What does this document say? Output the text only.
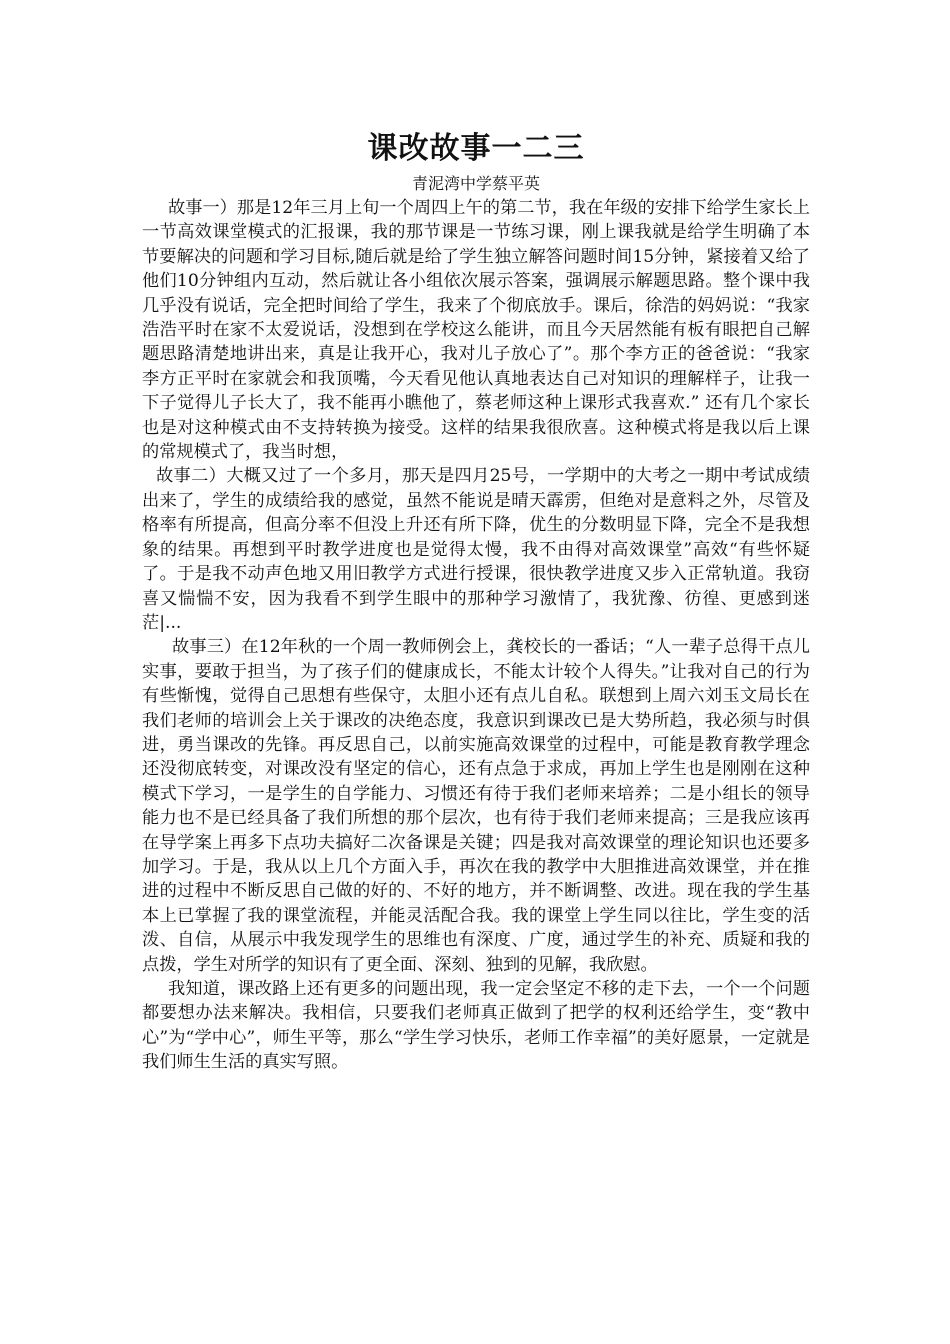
课改故事一二三

青泥湾中学蔡平英

故事一）那是12年三月上旬一个周四上午的第二节，我在年级的安排下给学生家长上一节高效课堂模式的汇报课，我的那节课是一节练习课，刚上课我就是给学生明确了本节要解决的问题和学习目标,随后就是给了学生独立解答问题时间15分钟，紧接着又给了他们10分钟组内互动，然后就让各小组依次展示答案，强调展示解题思路。整个课中我几乎没有说话，完全把时间给了学生，我来了个彻底放手。课后，徐浩的妈妈说：“我家浩浩平时在家不太爱说话，没想到在学校这么能讲，而且今天居然能有板有眼把自己解题思路清楚地讲出来，真是让我开心，我对儿子放心了”。那个李方正的爸爸说：“我家李方正平时在家就会和我顶嘴，今天看见他认真地表达自己对知识的理解样子，让我一下子觉得儿子长大了，我不能再小瞧他了，蔡老师这种上课形式我喜欢.” 还有几个家长也是对这种模式由不支持转换为接受。这样的结果我很欣喜。这种模式将是我以后上课的常规模式了，我当时想，

故事二）大概又过了一个多月，那天是四月25号，一学期中的大考之一期中考试成绩出来了，学生的成绩给我的感觉，虽然不能说是晴天霹雳，但绝对是意料之外，尽管及格率有所提高，但高分率不但没上升还有所下降，优生的分数明显下降，完全不是我想象的结果。再想到平时教学进度也是觉得太慢，我不由得对高效课堂”高效“有些怀疑了。于是我不动声色地又用旧教学方式进行授课，很快教学进度又步入正常轨道。我窃喜又惴惴不安，因为我看不到学生眼中的那种学习激情了，我犹豫、彷徨、更感到迷茫|...

故事三）在12年秋的一个周一教师例会上，龚校长的一番话；“人一辈子总得干点儿实事，要敢于担当，为了孩子们的健康成长，不能太计较个人得失。”让我对自己的行为有些惭愧，觉得自己思想有些保守，太胆小还有点儿自私。联想到上周六刘玉文局长在我们老师的培训会上关于课改的决绝态度，我意识到课改已是大势所趋，我必须与时俱进，勇当课改的先锋。再反思自己，以前实施高效课堂的过程中，可能是教育教学理念还没彻底转变，对课改没有坚定的信心，还有点急于求成，再加上学生也是刚刚在这种模式下学习，一是学生的自学能力、习惯还有待于我们老师来培养；二是小组长的领导能力也不是已经具备了我们所想的那个层次，也有待于我们老师来提高；三是我应该再在导学案上再多下点功夫搞好二次备课是关键；四是我对高效课堂的理论知识也还要多加学习。于是，我从以上几个方面入手，再次在我的教学中大胆推进高效课堂，并在推进的过程中不断反思自己做的好的、不好的地方，并不断调整、改进。现在我的学生基本上已掌握了我的课堂流程，并能灵活配合我。我的课堂上学生同以往比，学生变的活泼、自信，从展示中我发现学生的思维也有深度、广度，通过学生的补充、质疑和我的点拨，学生对所学的知识有了更全面、深刻、独到的见解，我欣慰。

我知道，课改路上还有更多的问题出现，我一定会坚定不移的走下去，一个一个问题都要想办法来解决。我相信，只要我们老师真正做到了把学的权利还给学生，变“教中心”为“学中心”，师生平等，那么“学生学习快乐，老师工作幸福”的美好愿景，一定就是我们师生生活的真实写照。
